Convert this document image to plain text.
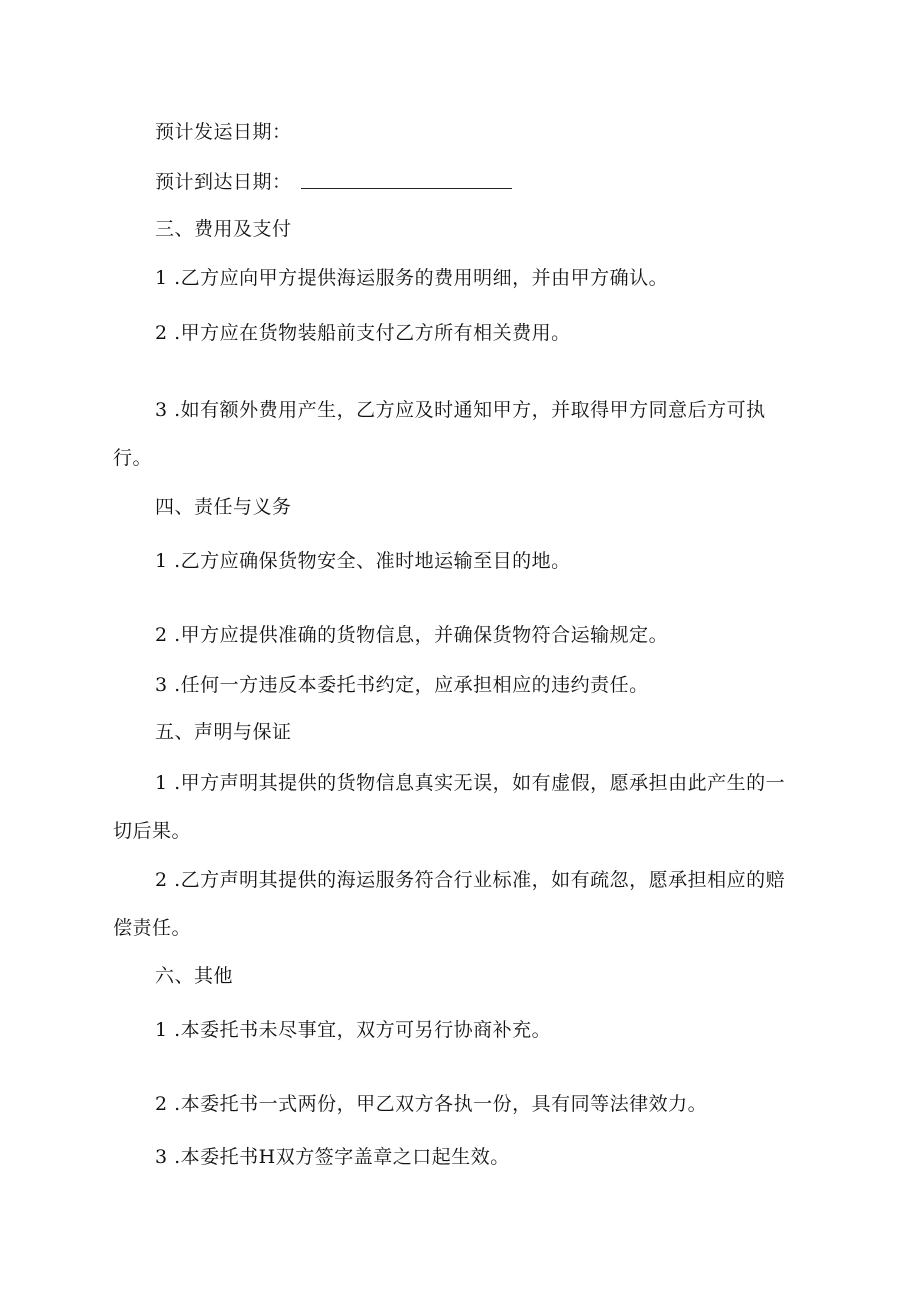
预计发运日期：
预计到达日期：
三、费用及支付
1 .乙方应向甲方提供海运服务的费用明细，并由甲方确认。
2 .甲方应在货物装船前支付乙方所有相关费用。
3 .如有额外费用产生，乙方应及时通知甲方，并取得甲方同意后方可执
行。
四、责任与义务
1 .乙方应确保货物安全、准时地运输至目的地。
2 .甲方应提供准确的货物信息，并确保货物符合运输规定。
3 .任何一方违反本委托书约定，应承担相应的违约责任。
五、声明与保证
1 .甲方声明其提供的货物信息真实无误，如有虚假，愿承担由此产生的一
切后果。
2 .乙方声明其提供的海运服务符合行业标准，如有疏忽，愿承担相应的赔
偿责任。
六、其他
1 .本委托书未尽事宜，双方可另行协商补充。
2 .本委托书一式两份，甲乙双方各执一份，具有同等法律效力。
3 .本委托书H双方签字盖章之口起生效。
